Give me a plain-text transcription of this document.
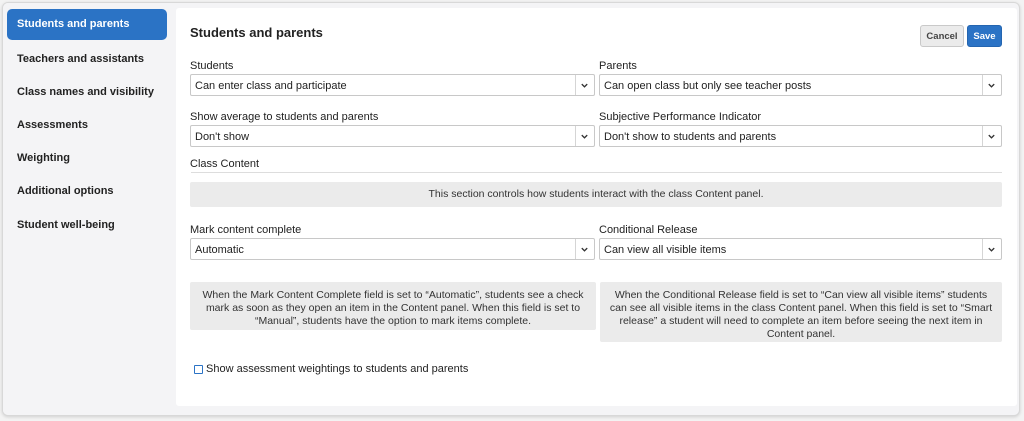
Students and parents
Teachers and assistants
Class names and visibility
Assessments
Weighting
Additional options
Student well-being
Students and parents	Cancel	Save
Students
Can enter class and participate
Parents
Can open class but only see teacher posts
Show average to students and parents
Don't show
Subjective Performance Indicator
Don't show to students and parents
Class Content
This section controls how students interact with the class Content panel.
Mark content complete
Automatic
Conditional Release
Can view all visible items
When the Mark Content Complete field is set to “Automatic”, students see a check
mark as soon as they open an item in the Content panel. When this field is set to
“Manual”, students have the option to mark items complete.
When the Conditional Release field is set to “Can view all visible items” students
can see all visible items in the class Content panel. When this field is set to “Smart
release” a student will need to complete an item before seeing the next item in
Content panel.
Show assessment weightings to students and parents
